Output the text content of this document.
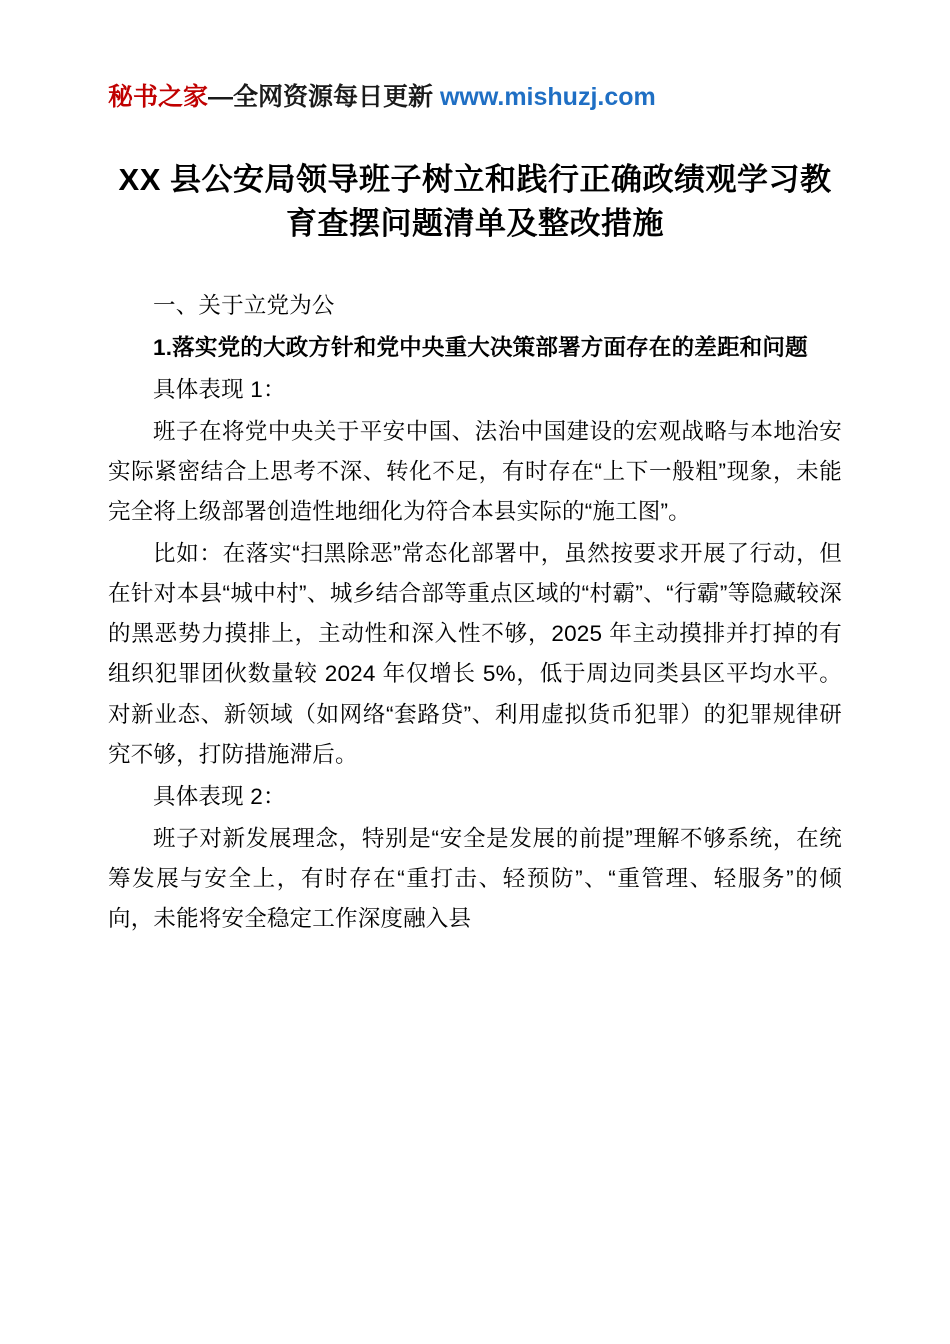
秘书之家—全网资源每日更新 www.mishuzj.com
XX 县公安局领导班子树立和践行正确政绩观学习教育查摆问题清单及整改措施

一、关于立党为公

1.落实党的大政方针和党中央重大决策部署方面存在的差距和问题

具体表现 1：

班子在将党中央关于平安中国、法治中国建设的宏观战略与本地治安实际紧密结合上思考不深、转化不足，有时存在“上下一般粗”现象，未能完全将上级部署创造性地细化为符合本县实际的“施工图”。

比如：在落实“扫黑除恶”常态化部署中，虽然按要求开展了行动，但在针对本县“城中村”、城乡结合部等重点区域的“村霸”、“行霸”等隐藏较深的黑恶势力摸排上，主动性和深入性不够，2025 年主动摸排并打掉的有组织犯罪团伙数量较 2024 年仅增长 5%，低于周边同类县区平均水平。对新业态、新领域（如网络“套路贷”、利用虚拟货币犯罪）的犯罪规律研究不够，打防措施滞后。

具体表现 2：

班子对新发展理念，特别是“安全是发展的前提”理解不够系统，在统筹发展与安全上，有时存在“重打击、轻预防”、“重管理、轻服务”的倾向，未能将安全稳定工作深度融入县
